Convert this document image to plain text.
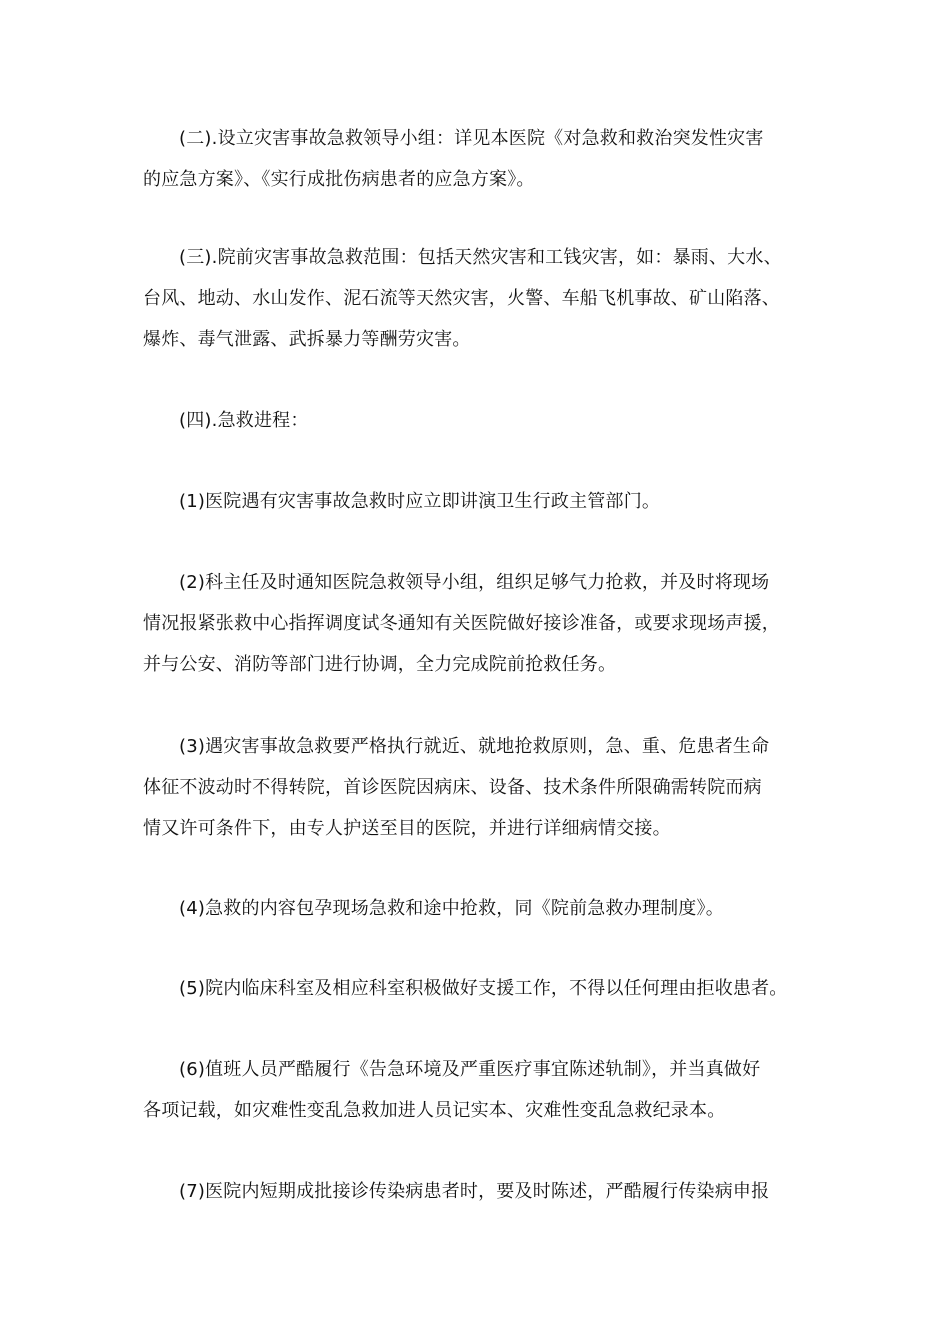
(二).设立灾害事故急救领导小组：详见本医院《对急救和救治突发性灾害
的应急方案》、《实行成批伤病患者的应急方案》。

(三).院前灾害事故急救范围：包括天然灾害和工钱灾害，如：暴雨、大水、
台风、地动、水山发作、泥石流等天然灾害，火警、车船飞机事故、矿山陷落、
爆炸、毒气泄露、武拆暴力等酬劳灾害。

(四).急救进程：

(1)医院遇有灾害事故急救时应立即讲演卫生行政主管部门。

(2)科主任及时通知医院急救领导小组，组织足够气力抢救，并及时将现场
情况报紧张救中心指挥调度试冬通知有关医院做好接诊准备，或要求现场声援，
并与公安、消防等部门进行协调，全力完成院前抢救任务。

(3)遇灾害事故急救要严格执行就近、就地抢救原则，急、重、危患者生命
体征不波动时不得转院，首诊医院因病床、设备、技术条件所限确需转院而病
情又许可条件下，由专人护送至目的医院，并进行详细病情交接。

(4)急救的内容包孕现场急救和途中抢救，同《院前急救办理制度》。

(5)院内临床科室及相应科室积极做好支援工作，不得以任何理由拒收患者。

(6)值班人员严酷履行《告急环境及严重医疗事宜陈述轨制》，并当真做好
各项记载，如灾难性变乱急救加进人员记实本、灾难性变乱急救纪录本。

(7)医院内短期成批接诊传染病患者时，要及时陈述，严酷履行传染病申报
